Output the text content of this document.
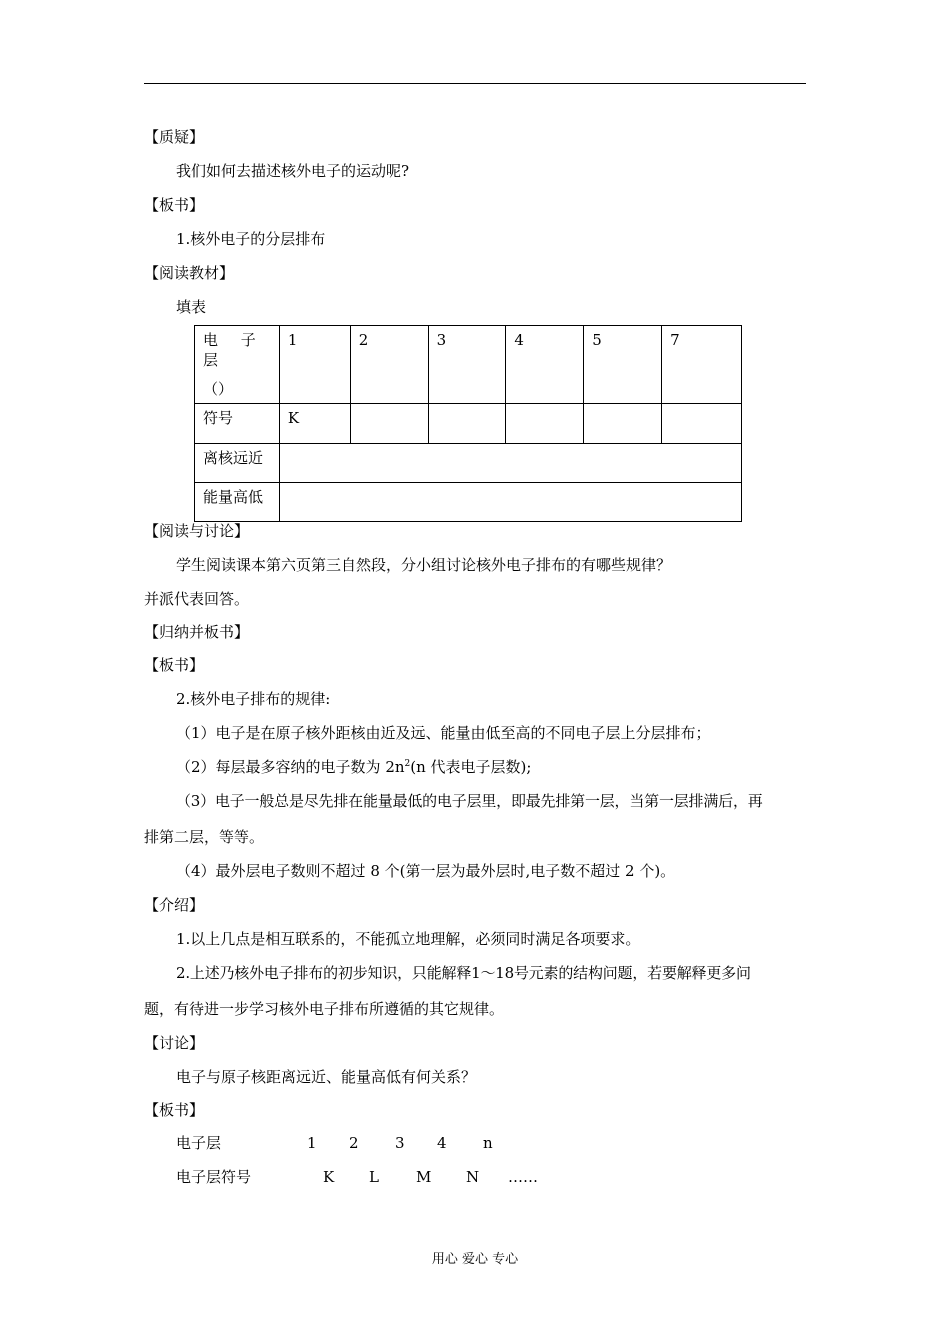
【质疑】
我们如何去描述核外电子的运动呢?
【板书】
1.核外电子的分层排布
【阅读教材】
填表
电 子 层
（）	1	2	3	4	5	7
符号	K					
离核远近						
能量高低						
【阅读与讨论】
学生阅读课本第六页第三自然段，分小组讨论核外电子排布的有哪些规律？
并派代表回答。
【归纳并板书】
【板书】
2.核外电子排布的规律:
（1）电子是在原子核外距核由近及远、能量由低至高的不同电子层上分层排布；
（2）每层最多容纳的电子数为 $2n^2(n$ 代表电子层数);
（3）电子一般总是尽先排在能量最低的电子层里，即最先排第一层，当第一层排满后，再
排第二层，等等。
（4）最外层电子数则不超过 8 个(第一层为最外层时,电子数不超过 2 个)。
【介绍】
1.以上几点是相互联系的，不能孤立地理解，必须同时满足各项要求。
2.上述乃核外电子排布的初步知识，只能解释1～18号元素的结构问题，若要解释更多问
题，有待进一步学习核外电子排布所遵循的其它规律。
【讨论】
电子与原子核距离远近、能量高低有何关系？
【板书】
电子层	1 2 3 4 n
电子层符号	K L M N ……
用心 爱心 专心
